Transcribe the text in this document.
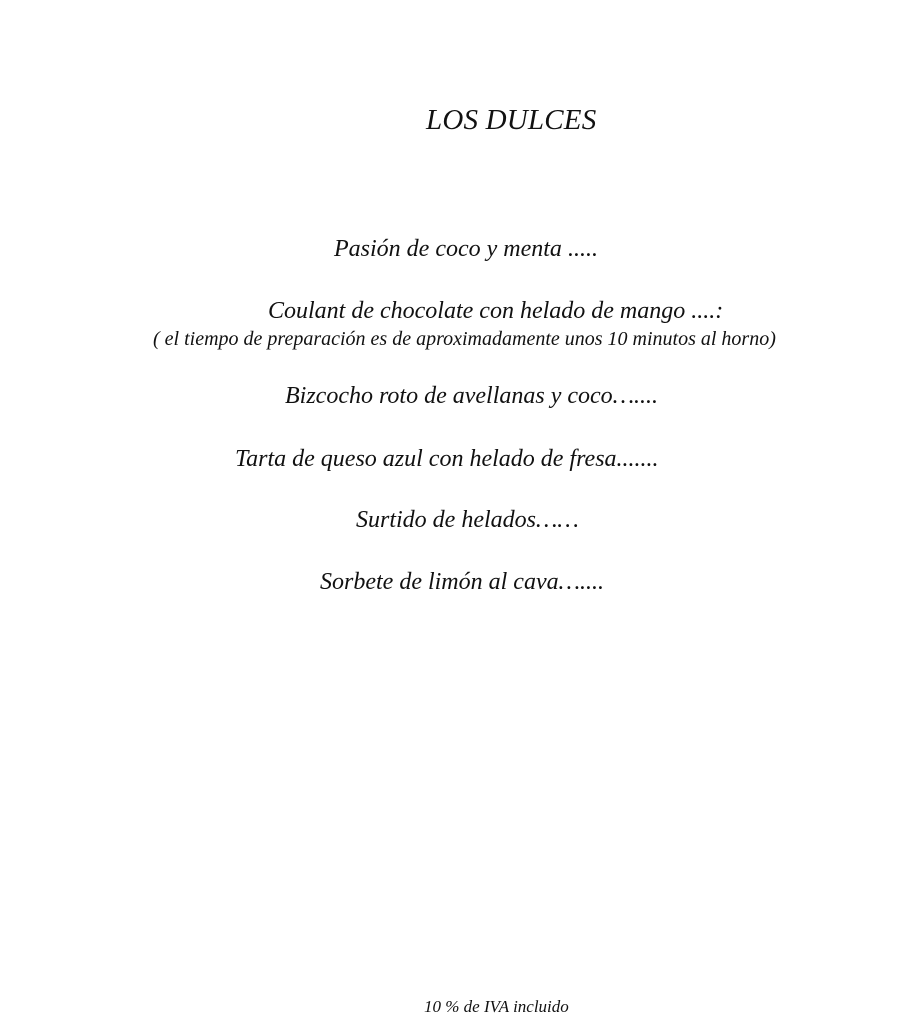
LOS DULCES
Pasión de coco y menta .....
Coulant de chocolate con helado de mango ....:
( el tiempo de preparación es de aproximadamente unos 10 minutos al horno)
Bizcocho roto de avellanas y coco…....
Tarta de queso azul con helado de fresa.......
Surtido de helados……
Sorbete de limón al cava…....
10 % de IVA incluido
